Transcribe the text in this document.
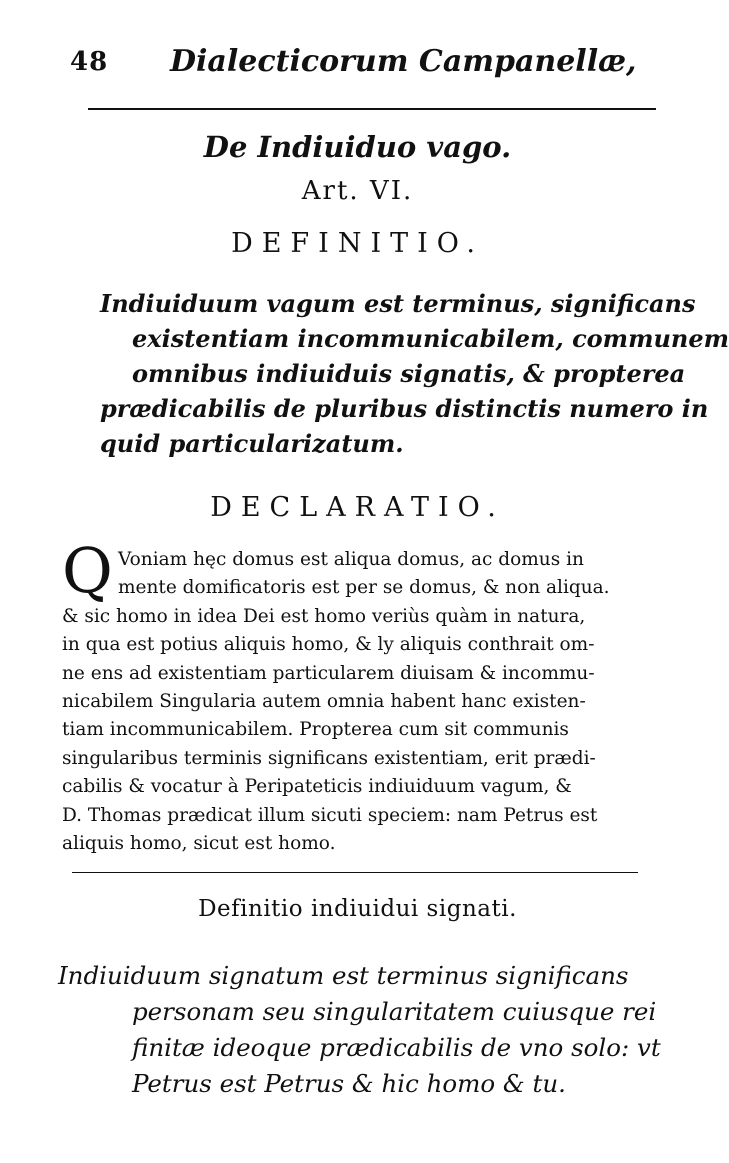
48 Dialecticorum Campanellæ,
De Indiuiduo vago.
Art. VI.
DEFINITIO.
Indiuiduum vagum est terminus, significans
existentiam incommunicabilem, communem
omnibus indiuiduis signatis, & propterea
prædicabilis de pluribus distinctis numero in
quid particularizatum.
DECLARATIO.
Q Voniam hęc domus est aliqua domus, ac domus in
mente domificatoris est per se domus, & non aliqua.
& sic homo in idea Dei est homo veriùs quàm in natura,
in qua est potius aliquis homo, & ly aliquis conthrait om-
ne ens ad existentiam particularem diuisam & incommu-
nicabilem Singularia autem omnia habent hanc existen-
tiam incommunicabilem. Propterea cum sit communis
singularibus terminis significans existentiam, erit prædi-
cabilis & vocatur à Peripateticis indiuiduum vagum, &
D. Thomas prædicat illum sicuti speciem: nam Petrus est
aliquis homo, sicut est homo.
Definitio indiuidui signati.
Indiuiduum signatum est terminus significans
personam seu singularitatem cuiusque rei
finitæ ideoque prædicabilis de vno solo: vt
Petrus est Petrus & hic homo & tu.
